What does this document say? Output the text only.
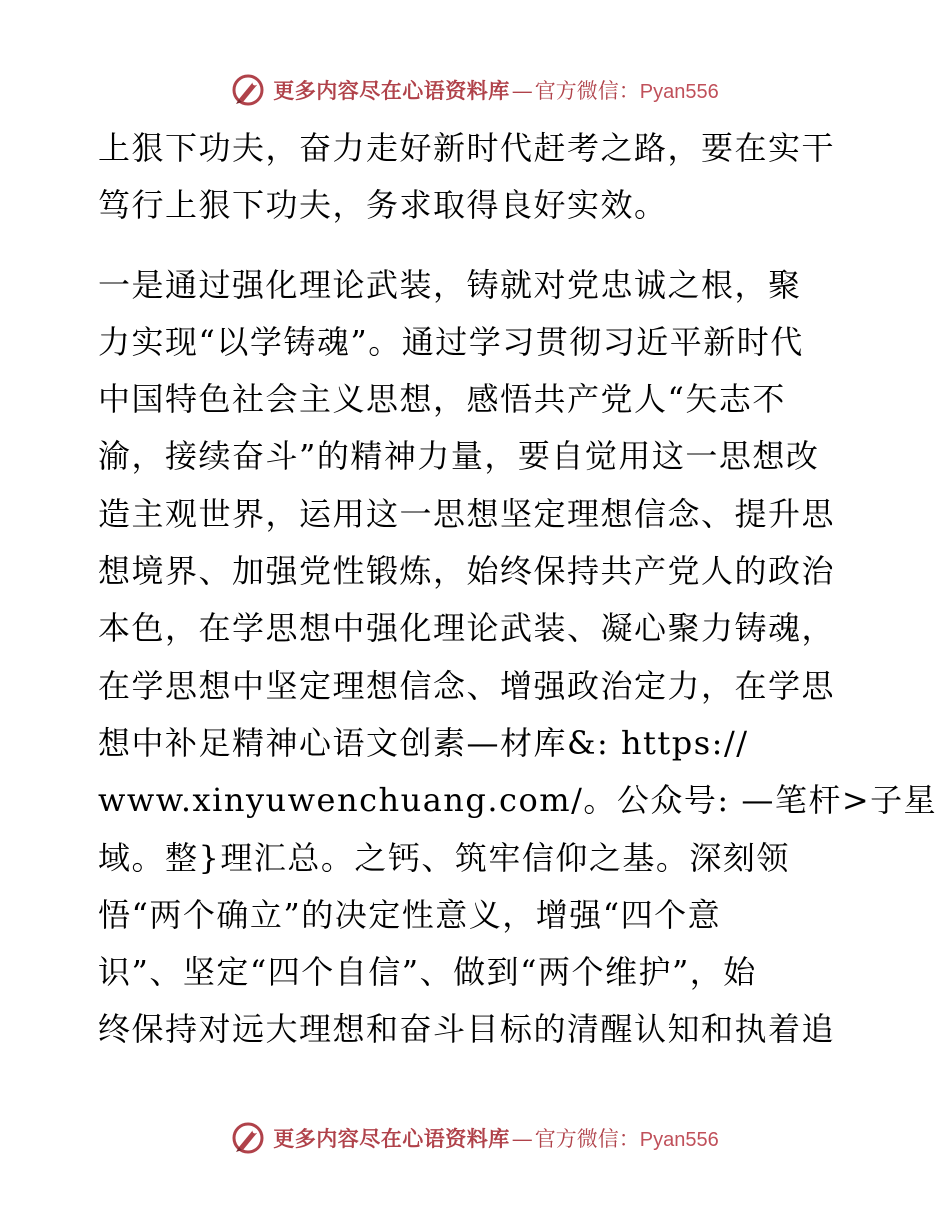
更多内容尽在心语资料库 — 官方微信： Pyan556
上狠下功夫，奋力走好新时代赶考之路，要在实干
笃行上狠下功夫，务求取得良好实效。
一是通过强化理论武装，铸就对党忠诚之根，聚
力实现“以学铸魂”。通过学习贯彻习近平新时代
中国特色社会主义思想，感悟共产党人“矢志不
渝，接续奋斗”的精神力量，要自觉用这一思想改
造主观世界，运用这一思想坚定理想信念、提升思
想境界、加强党性锻炼，始终保持共产党人的政治
本色，在学思想中强化理论武装、凝心聚力铸魂，
在学思想中坚定理想信念、增强政治定力，在学思
想中补足精神心语文创素—材库&: https://
www.xinyuwenchuang.com/。公众号: —笔杆>子星
域。整}理汇总。之钙、筑牢信仰之基。深刻领
悟“两个确立”的决定性意义，增强“四个意
识”、坚定“四个自信”、做到“两个维护”，始
终保持对远大理想和奋斗目标的清醒认知和执着追
更多内容尽在心语资料库 — 官方微信： Pyan556
